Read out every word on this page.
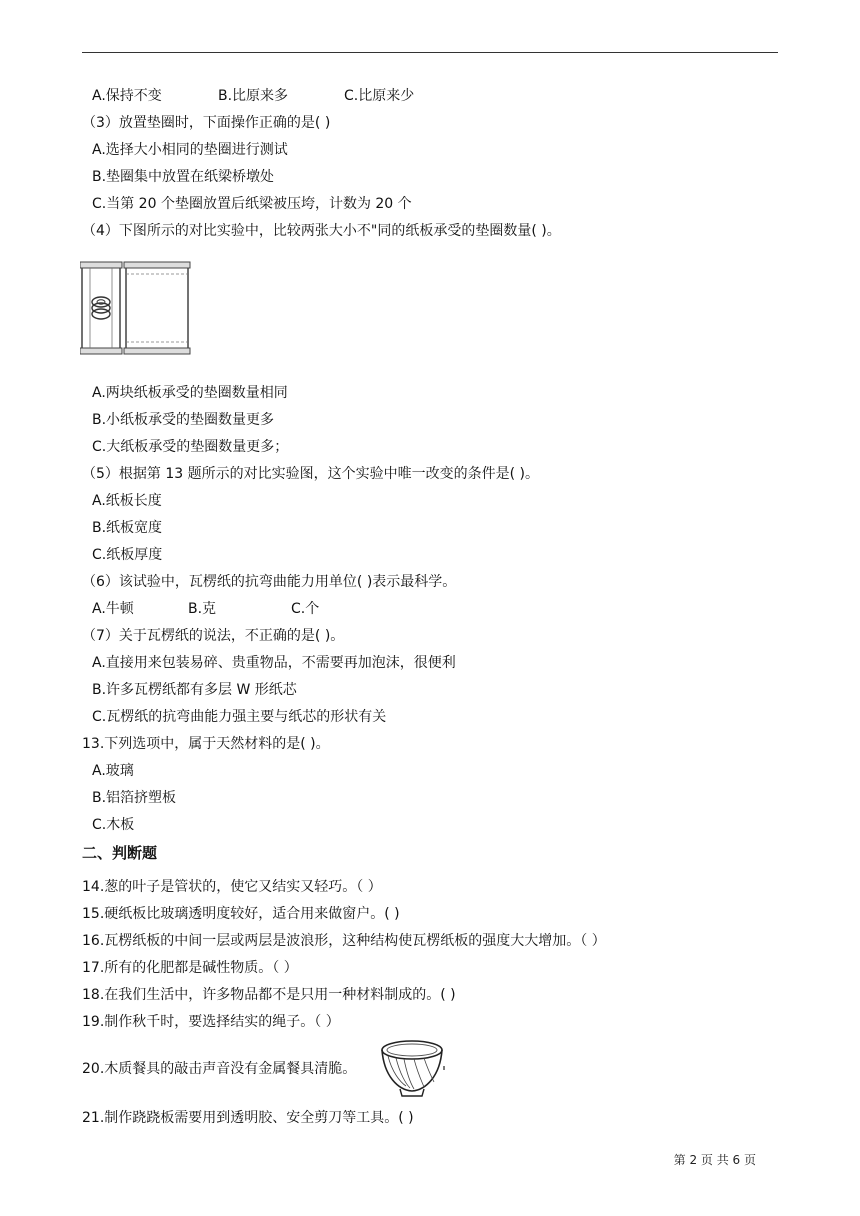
A.保持不变	B.比原来多	C.比原来少
（3）放置垫圈时，下面操作正确的是( )
A.选择大小相同的垫圈进行测试
B.垫圈集中放置在纸梁桥墩处
C.当第 20 个垫圈放置后纸梁被压垮，计数为 20 个
（4）下图所示的对比实验中，比较两张大小不"同的纸板承受的垫圈数量( )。
A.两块纸板承受的垫圈数量相同
B.小纸板承受的垫圈数量更多
C.大纸板承受的垫圈数量更多；
（5）根据第 13 题所示的对比实验图，这个实验中唯一改变的条件是( )。
A.纸板长度
B.纸板宽度
C.纸板厚度
（6）该试验中，瓦楞纸的抗弯曲能力用单位( )表示最科学。
A.牛顿	B.克	C.个
（7）关于瓦楞纸的说法，不正确的是( )。
A.直接用来包装易碎、贵重物品，不需要再加泡沫，很便利
B.许多瓦楞纸都有多层 W 形纸芯
C.瓦楞纸的抗弯曲能力强主要与纸芯的形状有关
13.下列选项中，属于天然材料的是( )。
A.玻璃
B.铝箔挤塑板
C.木板
二、判断题
14.葱的叶子是管状的，使它又结实又轻巧。（ ）
15.硬纸板比玻璃透明度较好，适合用来做窗户。( )
16.瓦楞纸板的中间一层或两层是波浪形，这种结构使瓦楞纸板的强度大大增加。（ ）
17.所有的化肥都是碱性物质。（ ）
18.在我们生活中，许多物品都不是只用一种材料制成的。( )
19.制作秋千时，要选择结实的绳子。（ ）
20.木质餐具的敲击声音没有金属餐具清脆。
21.制作跷跷板需要用到透明胶、安全剪刀等工具。( )
第 2 页 共 6 页
